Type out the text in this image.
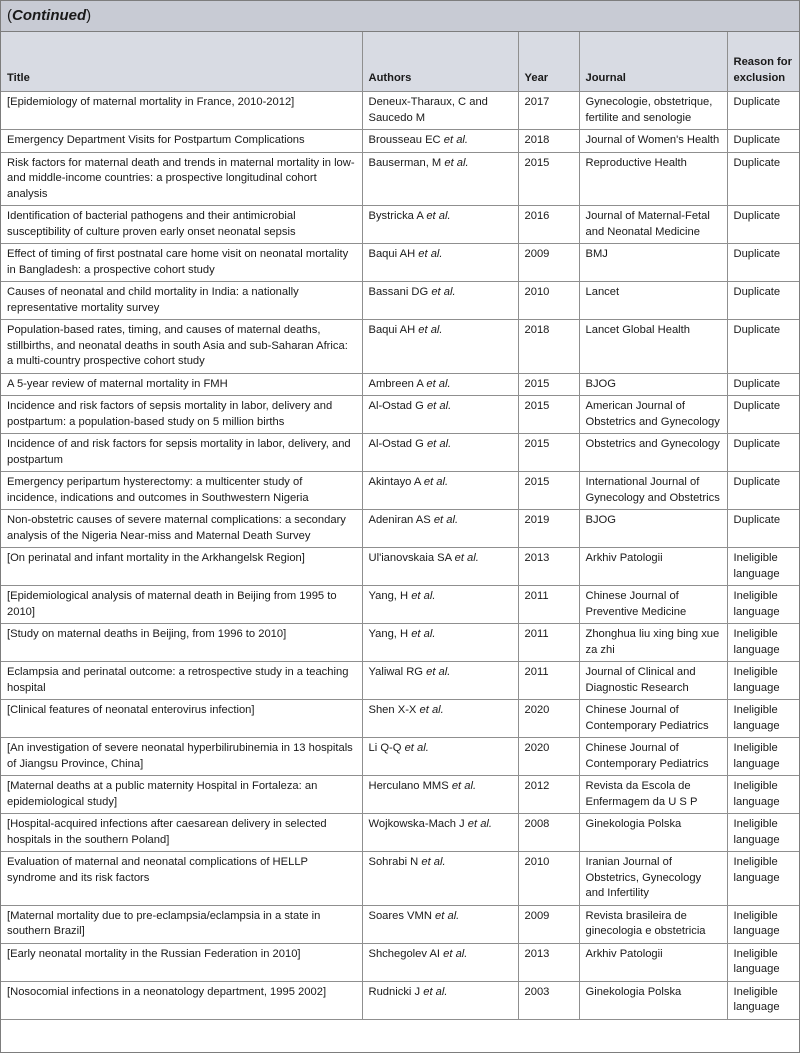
(Continued)
Title	Authors	Year	Journal	Reason for exclusion
[Epidemiology of maternal mortality in France, 2010-2012]	Deneux-Tharaux, C and Saucedo M	2017	Gynecologie, obstetrique, fertilite and senologie	Duplicate
Emergency Department Visits for Postpartum Complications	Brousseau EC et al.	2018	Journal of Women's Health	Duplicate
Risk factors for maternal death and trends in maternal mortality in low- and middle-income countries: a prospective longitudinal cohort analysis	Bauserman, M et al.	2015	Reproductive Health	Duplicate
Identification of bacterial pathogens and their antimicrobial susceptibility of culture proven early onset neonatal sepsis	Bystricka A et al.	2016	Journal of Maternal-Fetal and Neonatal Medicine	Duplicate
Effect of timing of first postnatal care home visit on neonatal mortality in Bangladesh: a prospective cohort study	Baqui AH et al.	2009	BMJ	Duplicate
Causes of neonatal and child mortality in India: a nationally representative mortality survey	Bassani DG et al.	2010	Lancet	Duplicate
Population-based rates, timing, and causes of maternal deaths, stillbirths, and neonatal deaths in south Asia and sub-Saharan Africa: a multi-country prospective cohort study	Baqui AH et al.	2018	Lancet Global Health	Duplicate
A 5-year review of maternal mortality in FMH	Ambreen A et al.	2015	BJOG	Duplicate
Incidence and risk factors of sepsis mortality in labor, delivery and postpartum: a population-based study on 5 million births	Al-Ostad G et al.	2015	American Journal of Obstetrics and Gynecology	Duplicate
Incidence of and risk factors for sepsis mortality in labor, delivery, and postpartum	Al-Ostad G et al.	2015	Obstetrics and Gynecology	Duplicate
Emergency peripartum hysterectomy: a multicenter study of incidence, indications and outcomes in Southwestern Nigeria	Akintayo A et al.	2015	International Journal of Gynecology and Obstetrics	Duplicate
Non-obstetric causes of severe maternal complications: a secondary analysis of the Nigeria Near-miss and Maternal Death Survey	Adeniran AS et al.	2019	BJOG	Duplicate
[On perinatal and infant mortality in the Arkhangelsk Region]	Ul'ianovskaia SA et al.	2013	Arkhiv Patologii	Ineligible language
[Epidemiological analysis of maternal death in Beijing from 1995 to 2010]	Yang, H et al.	2011	Chinese Journal of Preventive Medicine	Ineligible language
[Study on maternal deaths in Beijing, from 1996 to 2010]	Yang, H et al.	2011	Zhonghua liu xing bing xue za zhi	Ineligible language
Eclampsia and perinatal outcome: a retrospective study in a teaching hospital	Yaliwal RG et al.	2011	Journal of Clinical and Diagnostic Research	Ineligible language
[Clinical features of neonatal enterovirus infection]	Shen X-X et al.	2020	Chinese Journal of Contemporary Pediatrics	Ineligible language
[An investigation of severe neonatal hyperbilirubinemia in 13 hospitals of Jiangsu Province, China]	Li Q-Q et al.	2020	Chinese Journal of Contemporary Pediatrics	Ineligible language
[Maternal deaths at a public maternity Hospital in Fortaleza: an epidemiological study]	Herculano MMS et al.	2012	Revista da Escola de Enfermagem da U S P	Ineligible language
[Hospital-acquired infections after caesarean delivery in selected hospitals in the southern Poland]	Wojkowska-Mach J et al.	2008	Ginekologia Polska	Ineligible language
Evaluation of maternal and neonatal complications of HELLP syndrome and its risk factors	Sohrabi N et al.	2010	Iranian Journal of Obstetrics, Gynecology and Infertility	Ineligible language
[Maternal mortality due to pre-eclampsia/eclampsia in a state in southern Brazil]	Soares VMN et al.	2009	Revista brasileira de ginecologia e obstetricia	Ineligible language
[Early neonatal mortality in the Russian Federation in 2010]	Shchegolev AI et al.	2013	Arkhiv Patologii	Ineligible language
[Nosocomial infections in a neonatology department, 1995 2002]	Rudnicki J et al.	2003	Ginekologia Polska	Ineligible language
